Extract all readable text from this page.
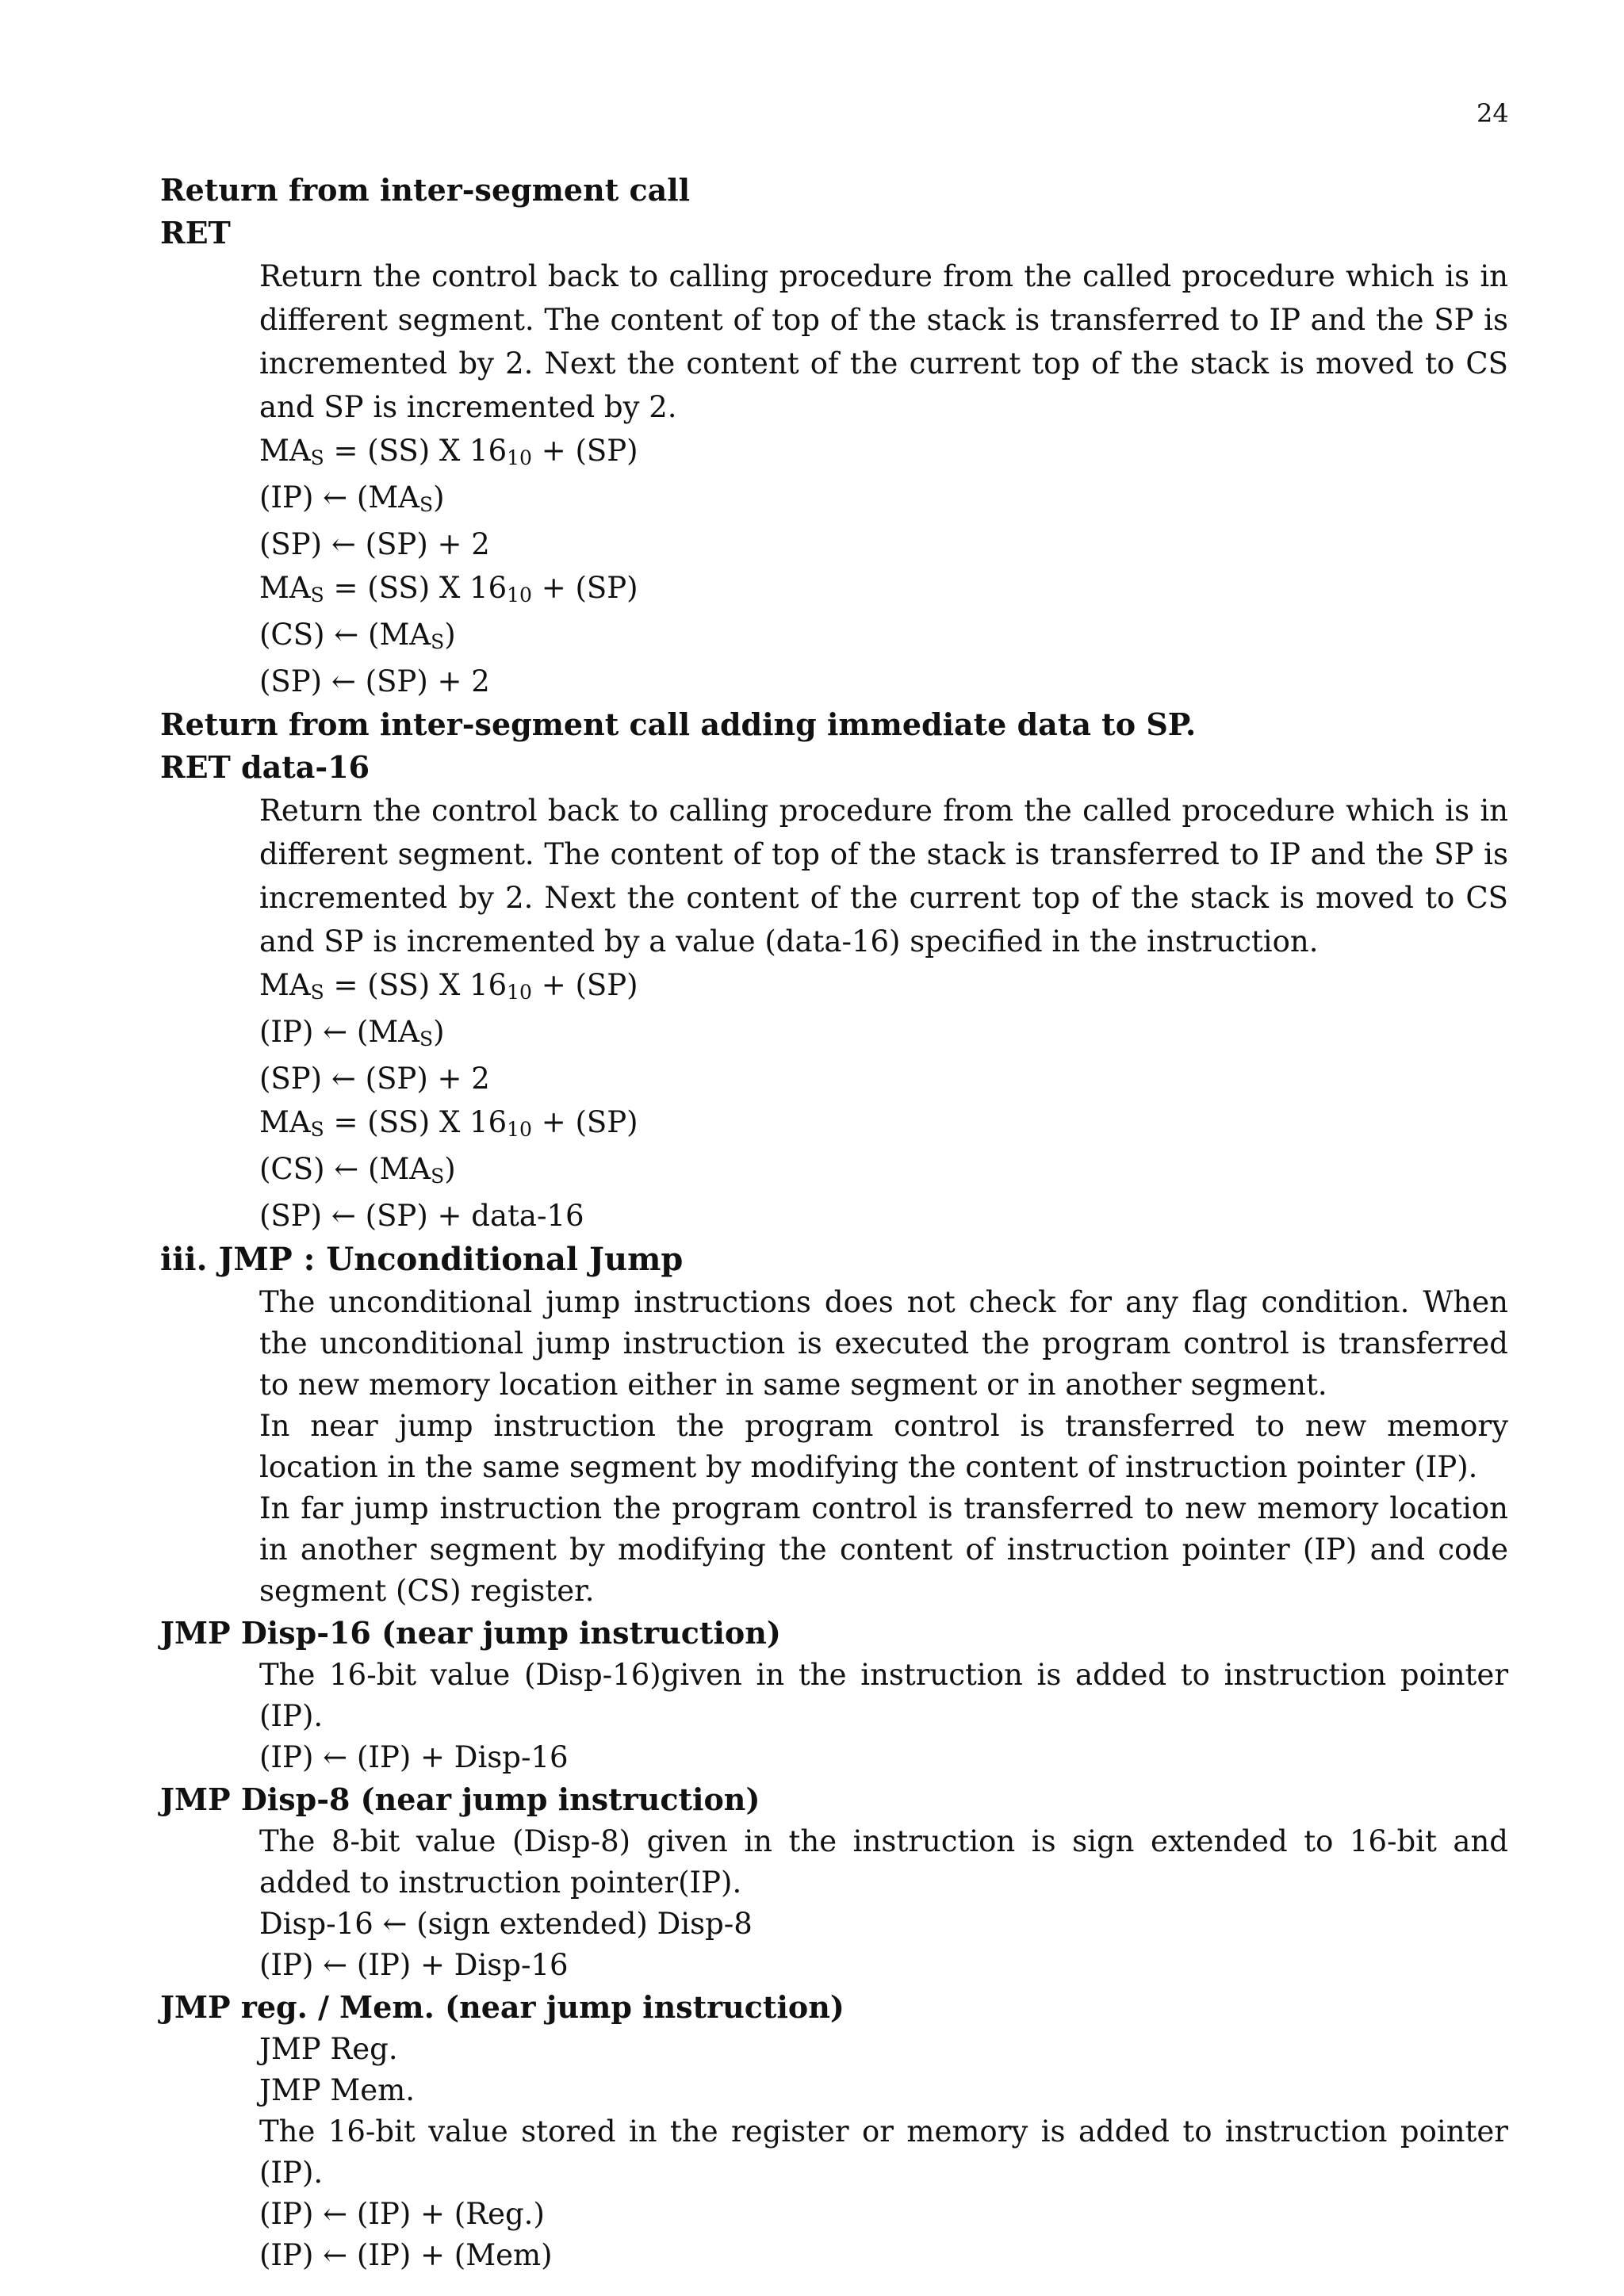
24
Return from inter-segment call
RET
Return the control back to calling procedure from the called procedure which is in different segment. The content of top of the stack is transferred to IP and the SP is incremented by 2. Next the content of the current top of the stack is moved to CS and SP is incremented by 2.
MAS = (SS) X 1610 + (SP)
(IP) ← (MAS)
(SP) ← (SP) + 2
MAS = (SS) X 1610 + (SP)
(CS) ← (MAS)
(SP) ← (SP) + 2
Return from inter-segment call adding immediate data to SP.
RET data-16
Return the control back to calling procedure from the called procedure which is in different segment. The content of top of the stack is transferred to IP and the SP is incremented by 2. Next the content of the current top of the stack is moved to CS and SP is incremented by a value (data-16) specified in the instruction.
MAS = (SS) X 1610 + (SP)
(IP) ← (MAS)
(SP) ← (SP) + 2
MAS = (SS) X 1610 + (SP)
(CS) ← (MAS)
(SP) ← (SP) + data-16
iii. JMP : Unconditional Jump
The unconditional jump instructions does not check for any flag condition. When the unconditional jump instruction is executed the program control is transferred to new memory location either in same segment or in another segment.
In near jump instruction the program control is transferred to new memory location in the same segment by modifying the content of instruction pointer (IP).
In far jump instruction the program control is transferred to new memory location in another segment by modifying the content of instruction pointer (IP) and code segment (CS) register.
JMP Disp-16 (near jump instruction)
The 16-bit value (Disp-16)given in the instruction is added to instruction pointer (IP).
(IP) ← (IP) + Disp-16
JMP Disp-8 (near jump instruction)
The 8-bit value (Disp-8) given in the instruction is sign extended to 16-bit and added to instruction pointer(IP).
Disp-16 ← (sign extended) Disp-8
(IP) ← (IP) + Disp-16
JMP reg. / Mem. (near jump instruction)
JMP Reg.
JMP Mem.
The 16-bit value stored in the register or memory is added to instruction pointer (IP).
(IP) ← (IP) + (Reg.)
(IP) ← (IP) + (Mem)
